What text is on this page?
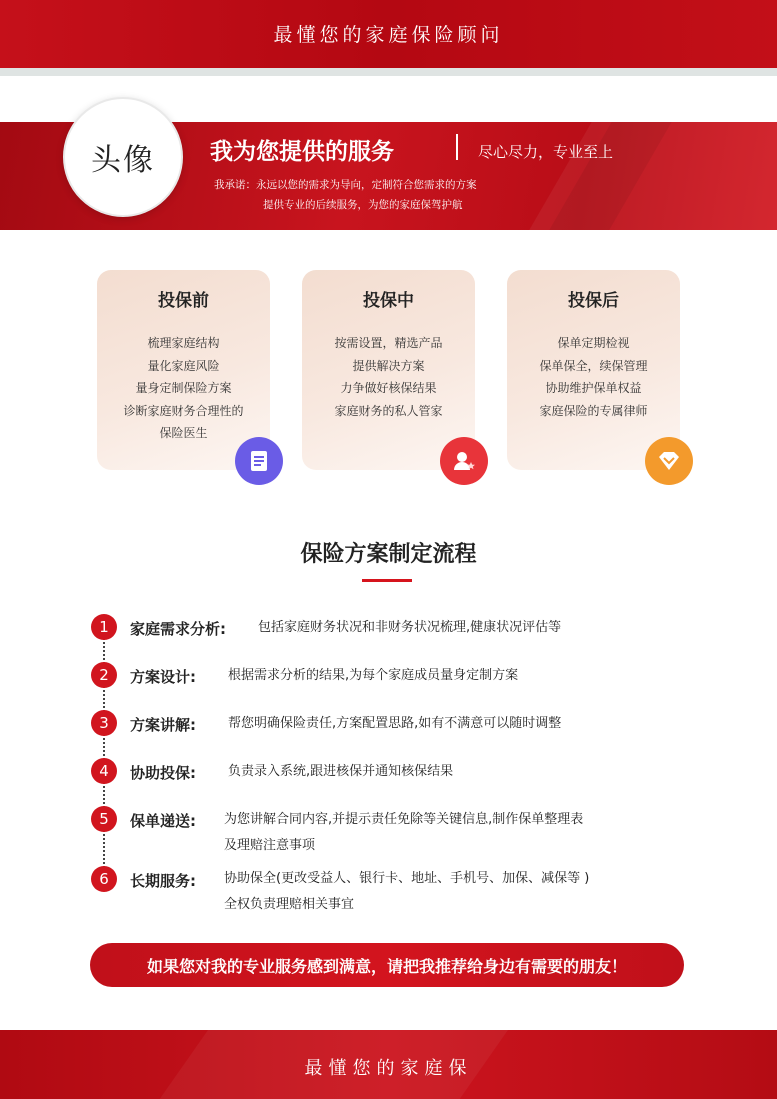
最懂您的家庭保险顾问
头像	我为您提供的服务	尽心尽力，专业至上
我承诺：永远以您的需求为导向，定制符合您需求的方案
提供专业的后续服务，为您的家庭保驾护航
投保前
梳理家庭结构
量化家庭风险
量身定制保险方案
诊断家庭财务合理性的
保险医生
投保中
按需设置，精选产品
提供解决方案
力争做好核保结果
家庭财务的私人管家
投保后
保单定期检视
保单保全，续保管理
协助维护保单权益
家庭保险的专属律师
保险方案制定流程
1	家庭需求分析: 包括家庭财务状况和非财务状况梳理,健康状况评估等
2	方案设计: 根据需求分析的结果,为每个家庭成员量身定制方案
3	方案讲解: 帮您明确保险责任,方案配置思路,如有不满意可以随时调整
4	协助投保: 负责录入系统,跟进核保并通知核保结果
5	保单递送: 为您讲解合同内容,并提示责任免除等关键信息,制作保单整理表
及理赔注意事项
6	长期服务: 协助保全(更改受益人、银行卡、地址、手机号、加保、减保等 )
全权负责理赔相关事宜
如果您对我的专业服务感到满意，请把我推荐给身边有需要的朋友！
最懂您的家庭保
